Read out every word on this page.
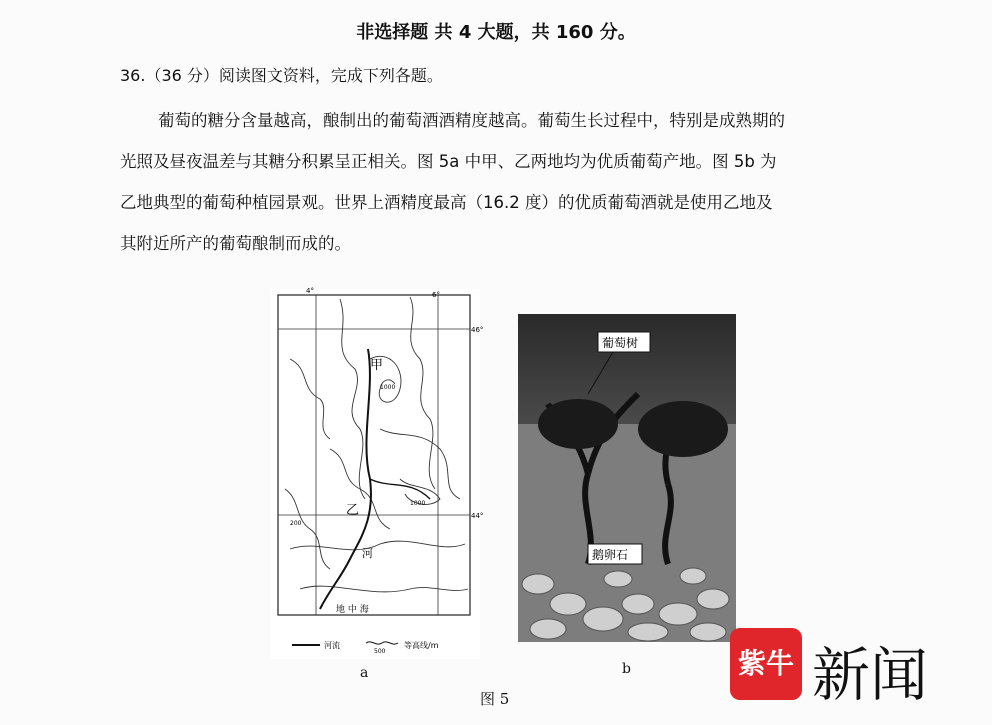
非选择题 共 4 大题，共 160 分。
36.（36 分）阅读图文资料，完成下列各题。
葡萄的糖分含量越高，酿制出的葡萄酒酒精度越高。葡萄生长过程中，特别是成熟期的
光照及昼夜温差与其糖分积累呈正相关。图 5a 中甲、乙两地均为优质葡萄产地。图 5b 为
乙地典型的葡萄种植园景观。世界上酒精度最高（16.2 度）的优质葡萄酒就是使用乙地及
其附近所产的葡萄酿制而成的。
4°	6°
46°
44°
甲
乙
河
地 中 海
1000
1000
200
河流
500
等高线/m
葡萄树
鹅卵石
a	b
图 5
紫牛 新闻
